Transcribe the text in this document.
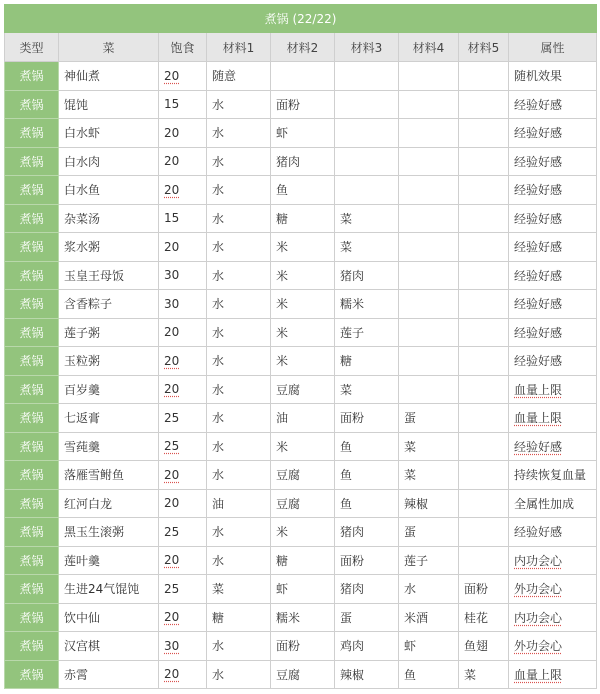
煮锅 (22/22)								
类型	菜	饱食	材料1	材料2	材料3	材料4	材料5	属性
煮锅	神仙煮	20	随意					随机效果
煮锅	馄饨	15	水	面粉				经验好感
煮锅	白水虾	20	水	虾				经验好感
煮锅	白水肉	20	水	猪肉				经验好感
煮锅	白水鱼	20	水	鱼				经验好感
煮锅	杂菜汤	15	水	糖	菜			经验好感
煮锅	浆水粥	20	水	米	菜			经验好感
煮锅	玉皇王母饭	30	水	米	猪肉			经验好感
煮锅	含香粽子	30	水	米	糯米			经验好感
煮锅	莲子粥	20	水	米	莲子			经验好感
煮锅	玉粒粥	20	水	米	糖			经验好感
煮锅	百岁羹	20	水	豆腐	菜			血量上限
煮锅	七返膏	25	水	油	面粉	蛋		血量上限
煮锅	雪莼羹	25	水	米	鱼	菜		经验好感
煮锅	落雁雪鲋鱼	20	水	豆腐	鱼	菜		持续恢复血量
煮锅	红河白龙	20	油	豆腐	鱼	辣椒		全属性加成
煮锅	黑玉生滚粥	25	水	米	猪肉	蛋		经验好感
煮锅	莲叶羹	20	水	糖	面粉	莲子		内功会心
煮锅	生进24气馄饨	25	菜	虾	猪肉	水	面粉	外功会心
煮锅	饮中仙	20	糖	糯米	蛋	米酒	桂花	内功会心
煮锅	汉宫棋	30	水	面粉	鸡肉	虾	鱼翅	外功会心
煮锅	赤霄	20	水	豆腐	辣椒	鱼	菜	血量上限
